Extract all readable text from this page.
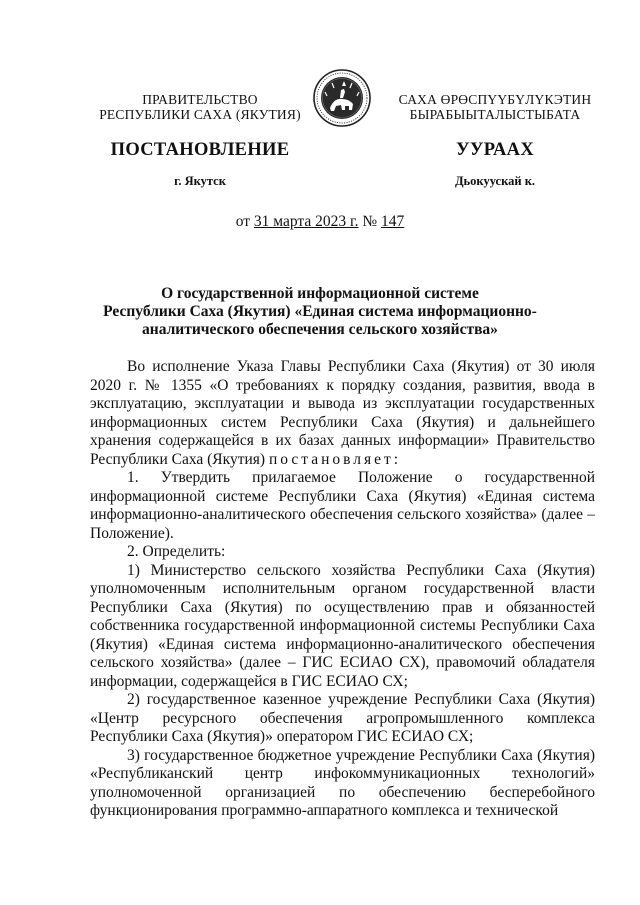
ПРАВИТЕЛЬСТВО
РЕСПУБЛИКИ САХА (ЯКУТИЯ)
САХА ӨРӨСПҮҮБҮЛҮКЭТИН
БЫРАБЫЫТАЛЫСТЫБАТА
ПОСТАНОВЛЕНИЕ	УУРААХ
г. Якутск	Дьокуускай к.
от 31 марта 2023 г. № 147
О государственной информационной системе
Республики Саха (Якутия) «Единая система информационно-
аналитического обеспечения сельского хозяйства»

Во исполнение Указа Главы Республики Саха (Якутия) от 30 июля 2020 г. № 1355 «О требованиях к порядку создания, развития, ввода в эксплуатацию, эксплуатации и вывода из эксплуатации государственных информационных систем Республики Саха (Якутия) и дальнейшего хранения содержащейся в их базах данных информации» Правительство Республики Саха (Якутия) постановляет:

1. Утвердить прилагаемое Положение о государственной информационной системе Республики Саха (Якутия) «Единая система информационно-аналитического обеспечения сельского хозяйства» (далее – Положение).

2. Определить:

1) Министерство сельского хозяйства Республики Саха (Якутия) уполномоченным исполнительным органом государственной власти Республики Саха (Якутия) по осуществлению прав и обязанностей собственника государственной информационной системы Республики Саха (Якутия) «Единая система информационно-аналитического обеспечения сельского хозяйства» (далее – ГИС ЕСИАО СХ), правомочий обладателя информации, содержащейся в ГИС ЕСИАО СХ;

2) государственное казенное учреждение Республики Саха (Якутия) «Центр ресурсного обеспечения агропромышленного комплекса Республики Саха (Якутия)» оператором ГИС ЕСИАО СХ;

3) государственное бюджетное учреждение Республики Саха (Якутия) «Республиканский центр инфокоммуникационных технологий» уполномоченной организацией по обеспечению бесперебойного функционирования программно-аппаратного комплекса и технической
